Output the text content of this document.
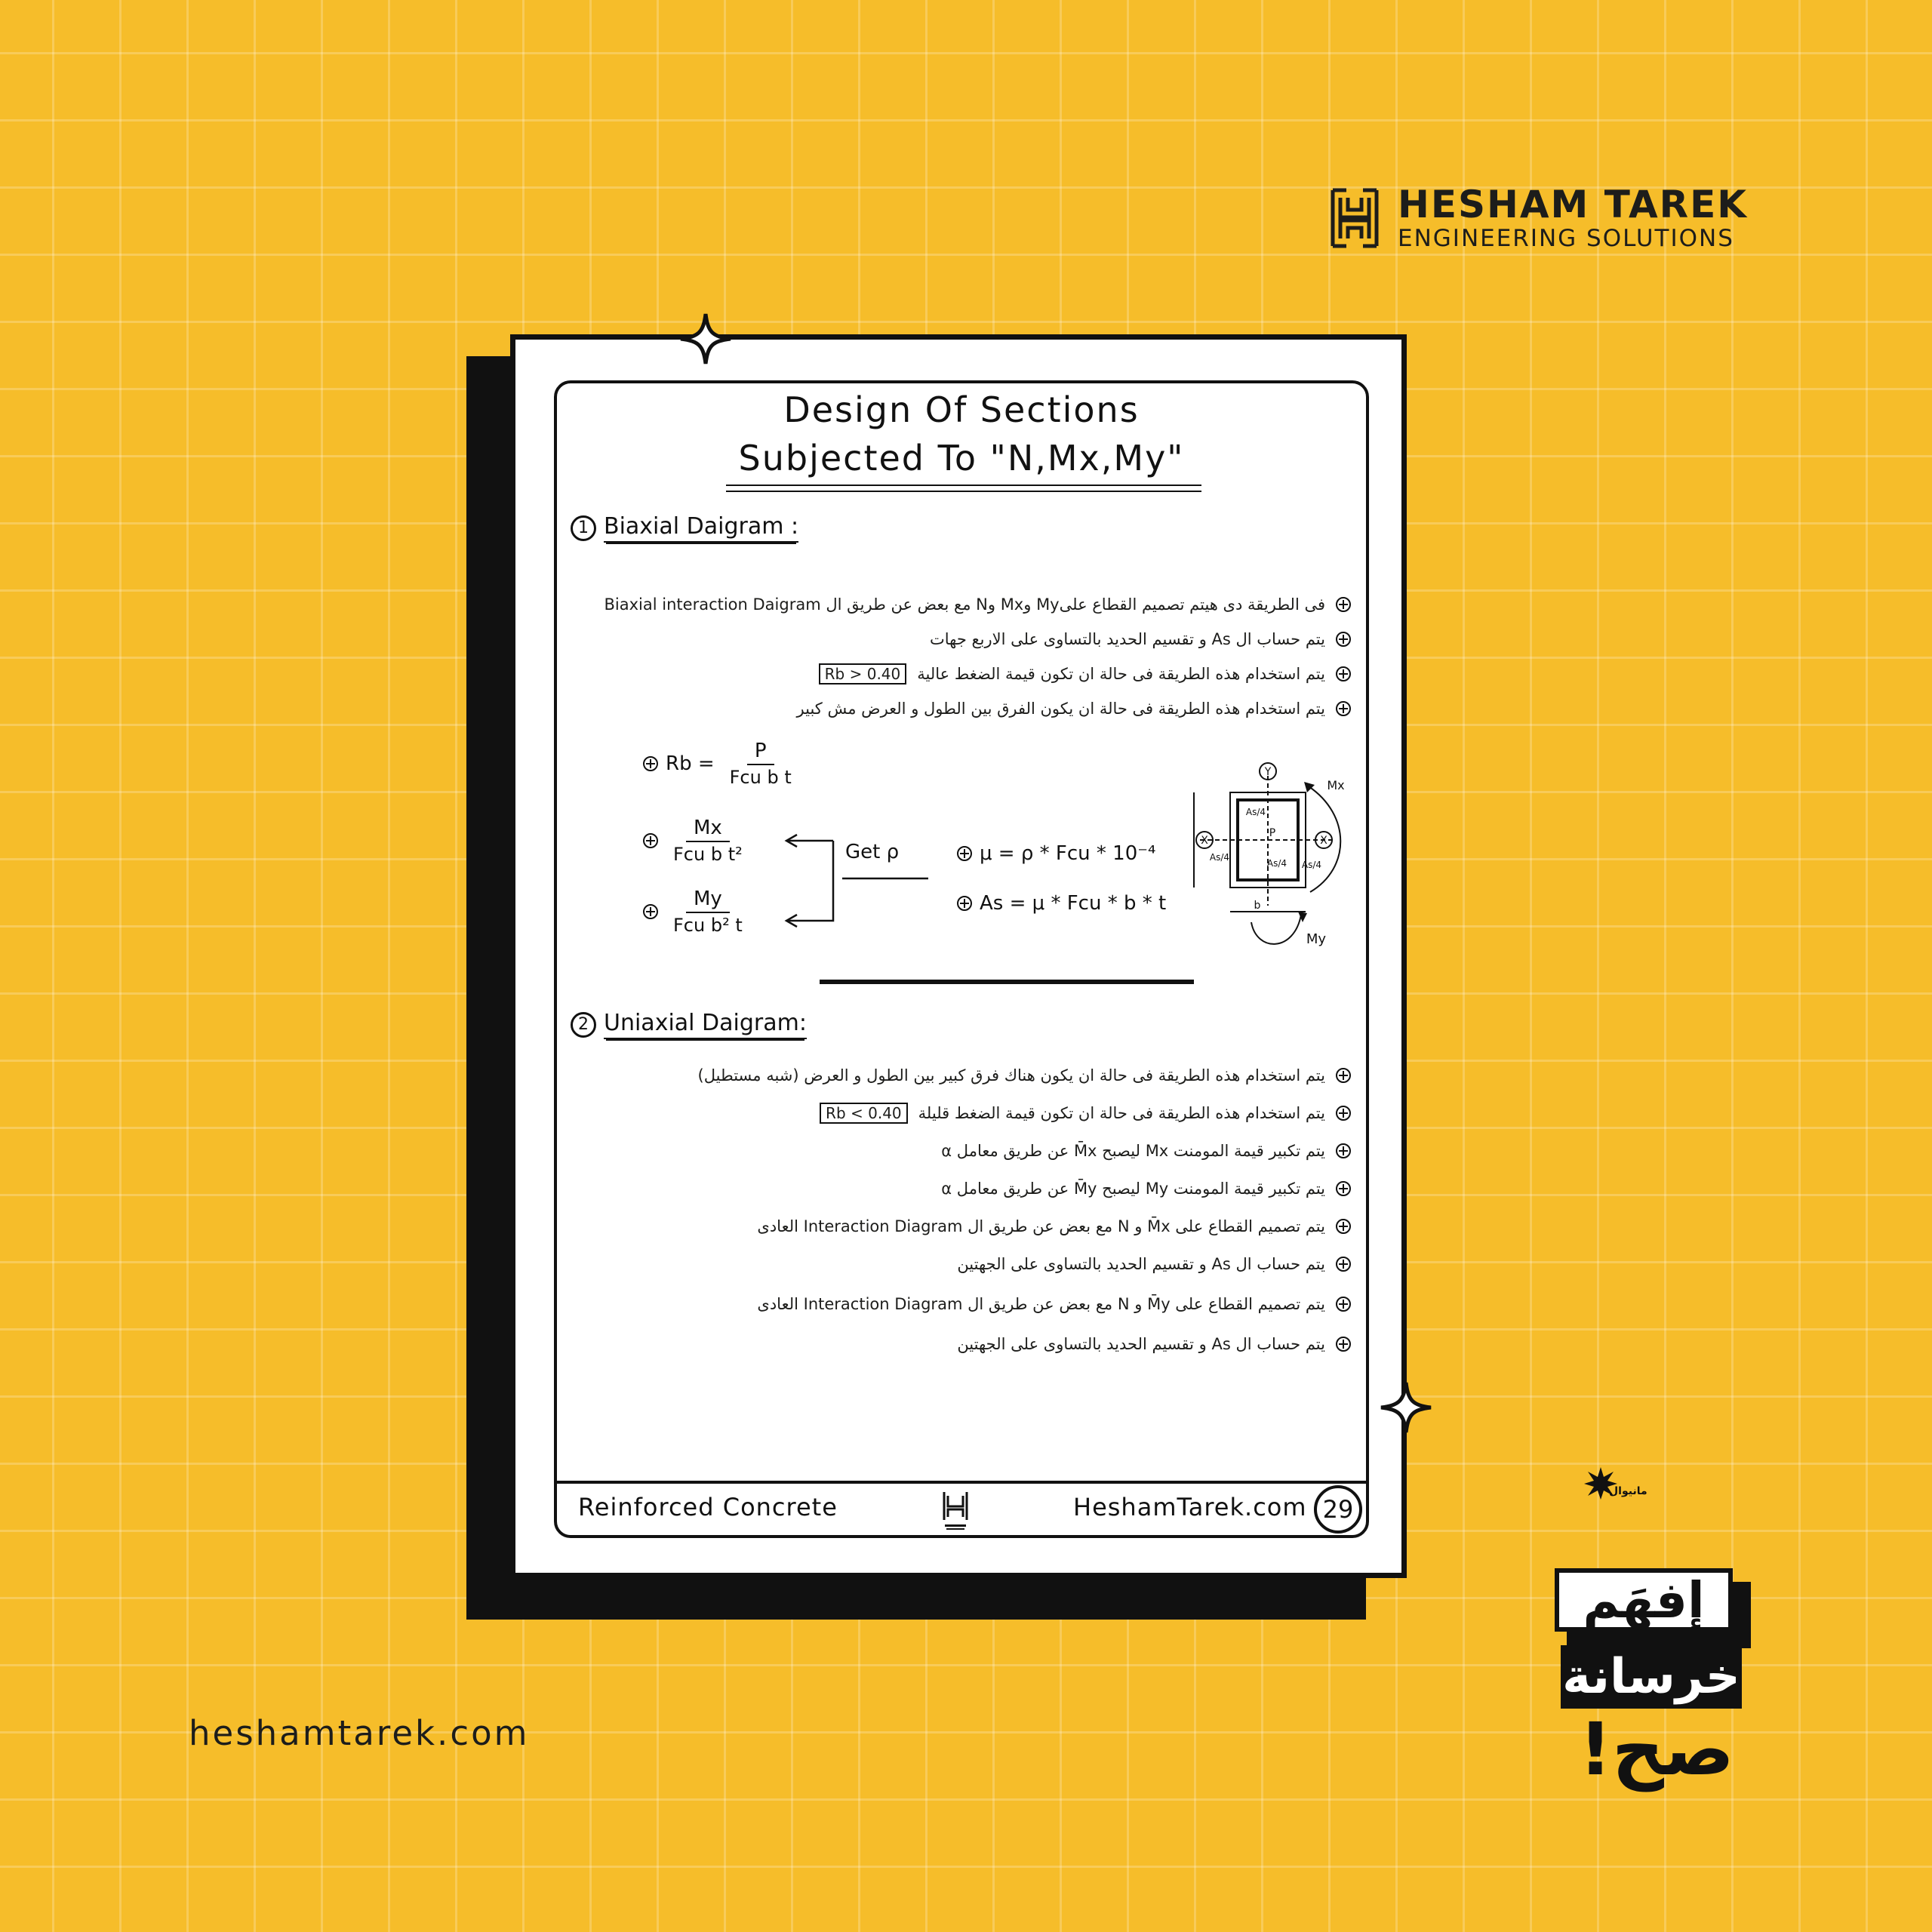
HESHAM TAREK
ENGINEERING SOLUTIONS
heshamtarek.com
Design Of Sections
Subjected To "N,Mx,My"
1 Biaxial Daigram :
فى الطريقة دى هيتم تصميم القطاع علىMy وMx وN مع بعض عن طريق ال Biaxial interaction Daigram
يتم حساب ال As و تقسيم الحديد بالتساوى على الاربع جهات
يتم استخدام هذه الطريقة فى حالة ان تكون قيمة الضغط عالية
Rb > 0.40
يتم استخدام هذه الطريقة فى حالة ان يكون الفرق بين الطول و العرض مش كبير
$Rb = \frac{P}{\text{Fcu b t}}$
$\frac{Mx}{\text{Fcu b t²}}$
$\frac{My}{\text{Fcu b² t}}$
Get ρ	μ = ρ * Fcu * 10⁻⁴
As = μ * Fcu * b * t
Y
X	X
P
As/4
As/4
As/4 As/4
b
Mx
My
2 Uniaxial Daigram:
يتم استخدام هذه الطريقة فى حالة ان يكون هناك فرق كبير بين الطول و العرض (شبه مستطيل)
يتم استخدام هذه الطريقة فى حالة ان تكون قيمة الضغط قليلة
Rb < 0.40
يتم تكبير قيمة المومنت Mx ليصبح M̄x عن طريق معامل α
يتم تكبير قيمة المومنت My ليصبح M̄y عن طريق معامل α
يتم تصميم القطاع على M̄x و N مع بعض عن طريق ال Interaction Diagram العادى
يتم حساب ال As و تقسيم الحديد بالتساوى على الجهتين
يتم تصميم القطاع على M̄y و N مع بعض عن طريق ال Interaction Diagram العادى
يتم حساب ال As و تقسيم الحديد بالتساوى على الجهتين
Reinforced Concrete	HeshamTarek.com 29
مانيوال
إفهَم
خرسانة
صح!
